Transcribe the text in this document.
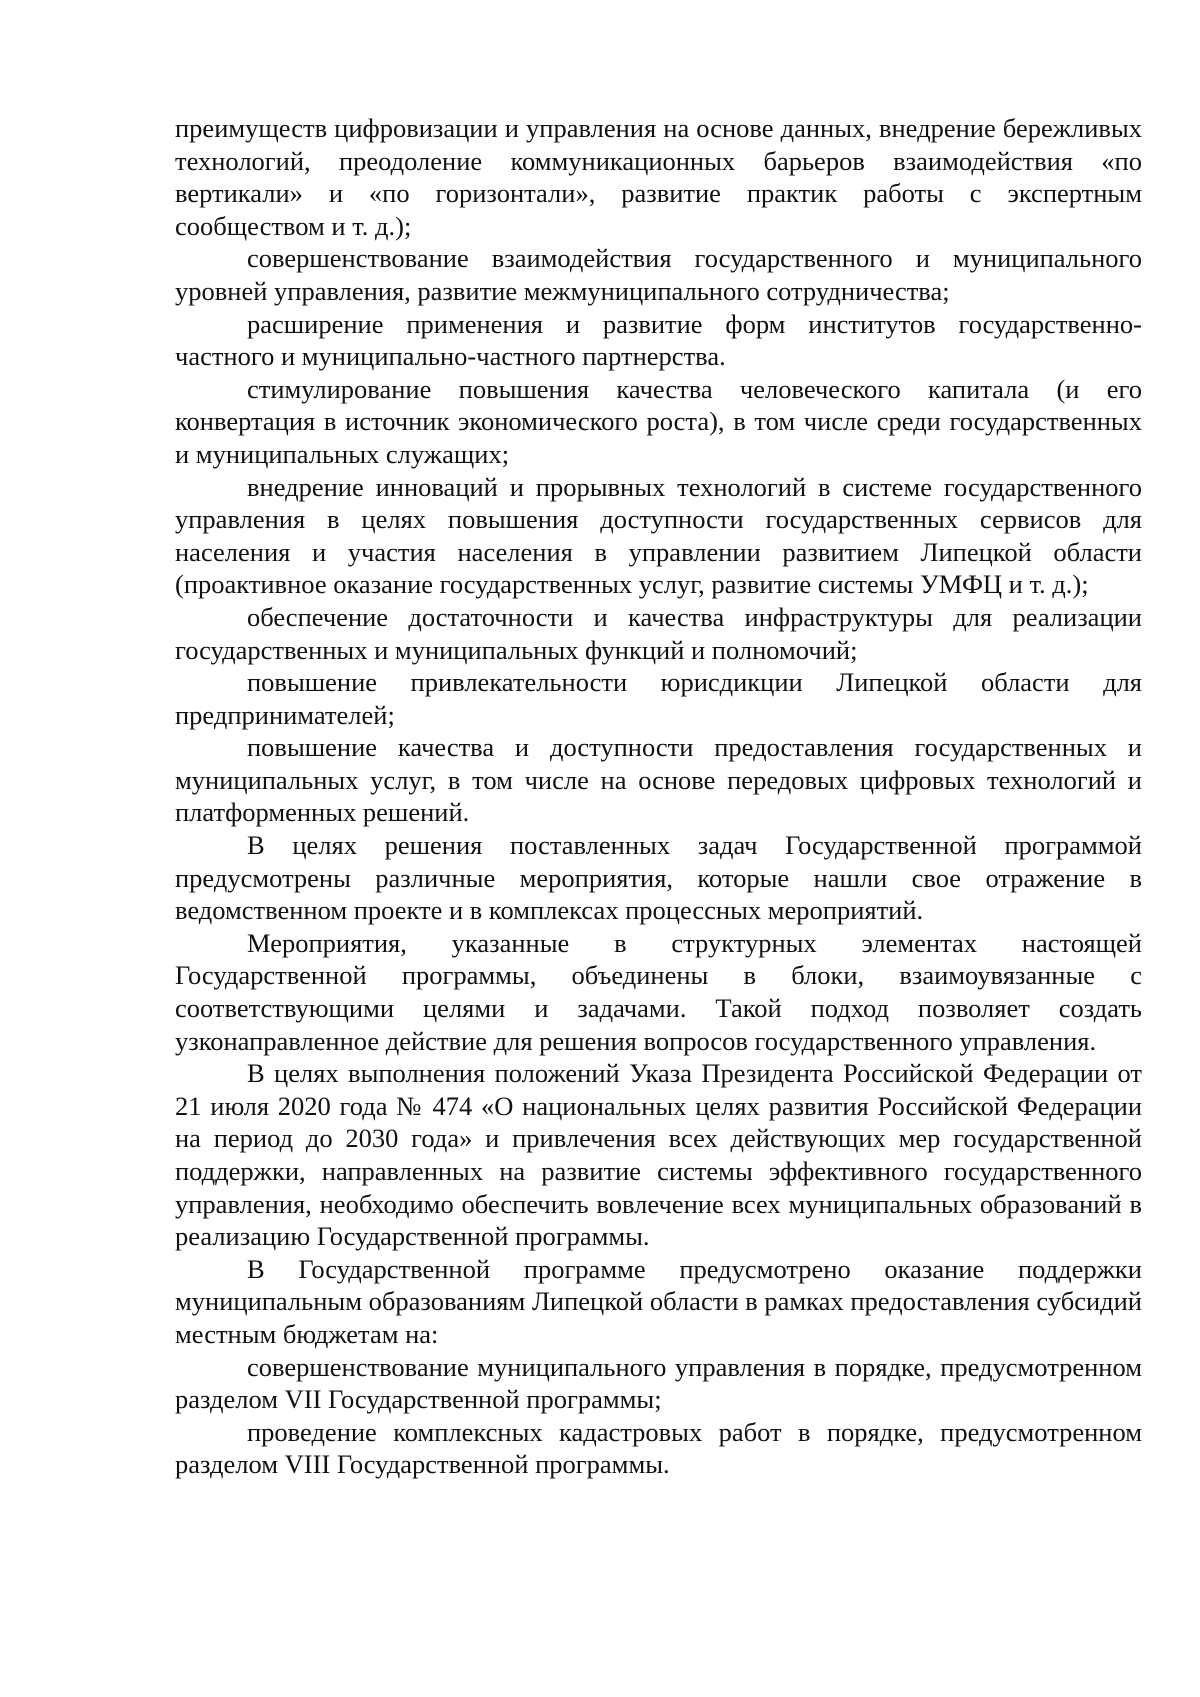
преимуществ цифровизации и управления на основе данных, внедрение бережливых технологий, преодоление коммуникационных барьеров взаимодействия «по вертикали» и «по горизонтали», развитие практик работы с экспертным сообществом и т. д.);

совершенствование взаимодействия государственного и муниципального уровней управления, развитие межмуниципального сотрудничества;

расширение применения и развитие форм институтов государственно-частного и муниципально-частного партнерства.

стимулирование повышения качества человеческого капитала (и его конвертация в источник экономического роста), в том числе среди государственных и муниципальных служащих;

внедрение инноваций и прорывных технологий в системе государственного управления в целях повышения доступности государственных сервисов для населения и участия населения в управлении развитием Липецкой области (проактивное оказание государственных услуг, развитие системы УМФЦ и т. д.);

обеспечение достаточности и качества инфраструктуры для реализации государственных и муниципальных функций и полномочий;

повышение привлекательности юрисдикции Липецкой области для предпринимателей;

повышение качества и доступности предоставления государственных и муниципальных услуг, в том числе на основе передовых цифровых технологий и платформенных решений.

В целях решения поставленных задач Государственной программой предусмотрены различные мероприятия, которые нашли свое отражение в ведомственном проекте и в комплексах процессных мероприятий.

Мероприятия, указанные в структурных элементах настоящей Государственной программы, объединены в блоки, взаимоувязанные с соответствующими целями и задачами. Такой подход позволяет создать узконаправленное действие для решения вопросов государственного управления.

В целях выполнения положений Указа Президента Российской Федерации от 21 июля 2020 года № 474 «О национальных целях развития Российской Федерации на период до 2030 года» и привлечения всех действующих мер государственной поддержки, направленных на развитие системы эффективного государственного управления, необходимо обеспечить вовлечение всех муниципальных образований в реализацию Государственной программы.

В Государственной программе предусмотрено оказание поддержки муниципальным образованиям Липецкой области в рамках предоставления субсидий местным бюджетам на:

совершенствование муниципального управления в порядке, предусмотренном разделом VII Государственной программы;

проведение комплексных кадастровых работ в порядке, предусмотренном разделом VIII Государственной программы.
